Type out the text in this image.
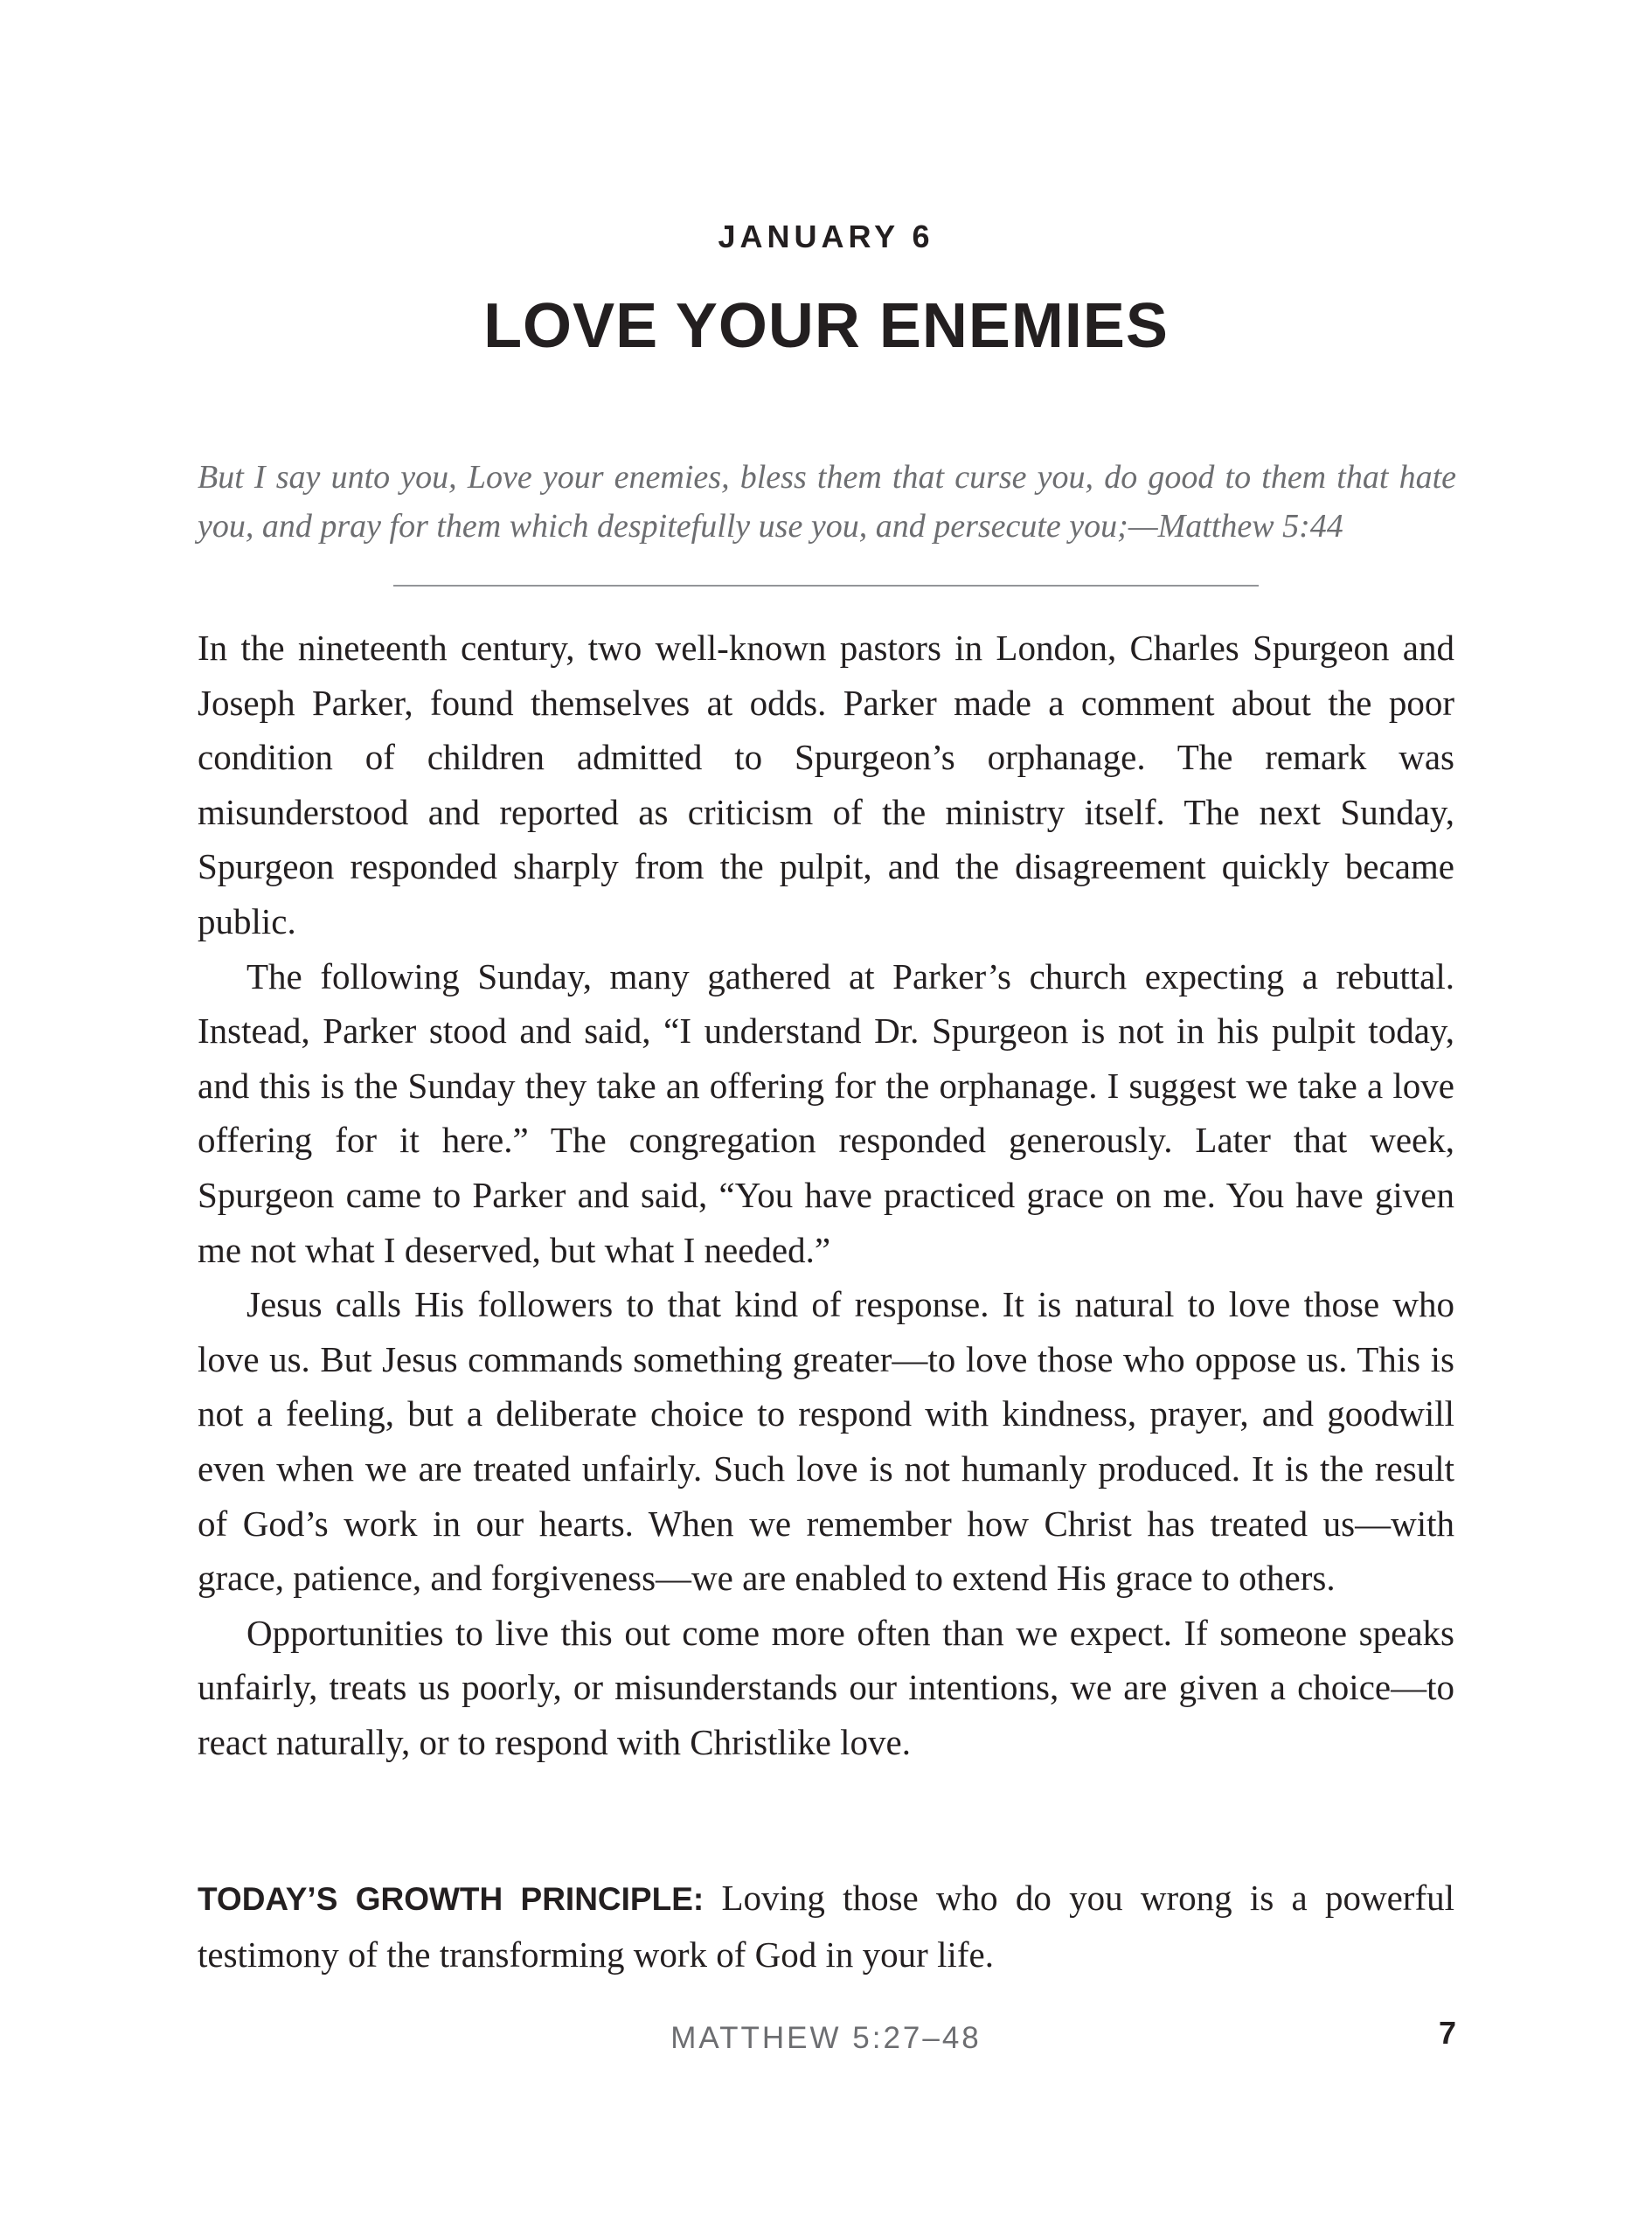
JANUARY 6
LOVE YOUR ENEMIES
But I say unto you, Love your enemies, bless them that curse you, do good to them that hate you, and pray for them which despitefully use you, and persecute you;—Matthew 5:44

In the nineteenth century, two well-known pastors in London, Charles Spurgeon and Joseph Parker, found themselves at odds. Parker made a comment about the poor condition of children admitted to Spurgeon’s orphanage. The remark was misunderstood and reported as criticism of the ministry itself. The next Sunday, Spurgeon responded sharply from the pulpit, and the disagreement quickly became public.

The following Sunday, many gathered at Parker’s church expecting a rebuttal. Instead, Parker stood and said, “I understand Dr. Spurgeon is not in his pulpit today, and this is the Sunday they take an offering for the orphanage. I suggest we take a love offering for it here.” The congregation responded generously. Later that week, Spurgeon came to Parker and said, “You have practiced grace on me. You have given me not what I deserved, but what I needed.”

Jesus calls His followers to that kind of response. It is natural to love those who love us. But Jesus commands something greater—to love those who oppose us. This is not a feeling, but a deliberate choice to respond with kindness, prayer, and goodwill even when we are treated unfairly. Such love is not humanly produced. It is the result of God’s work in our hearts. When we remember how Christ has treated us—with grace, patience, and forgiveness—we are enabled to extend His grace to others.

Opportunities to live this out come more often than we expect. If someone speaks unfairly, treats us poorly, or misunderstands our intentions, we are given a choice—to react naturally, or to respond with Christlike love.

TODAY’S GROWTH PRINCIPLE: Loving those who do you wrong is a powerful testimony of the transforming work of God in your life.
MATTHEW 5:27–48	7
